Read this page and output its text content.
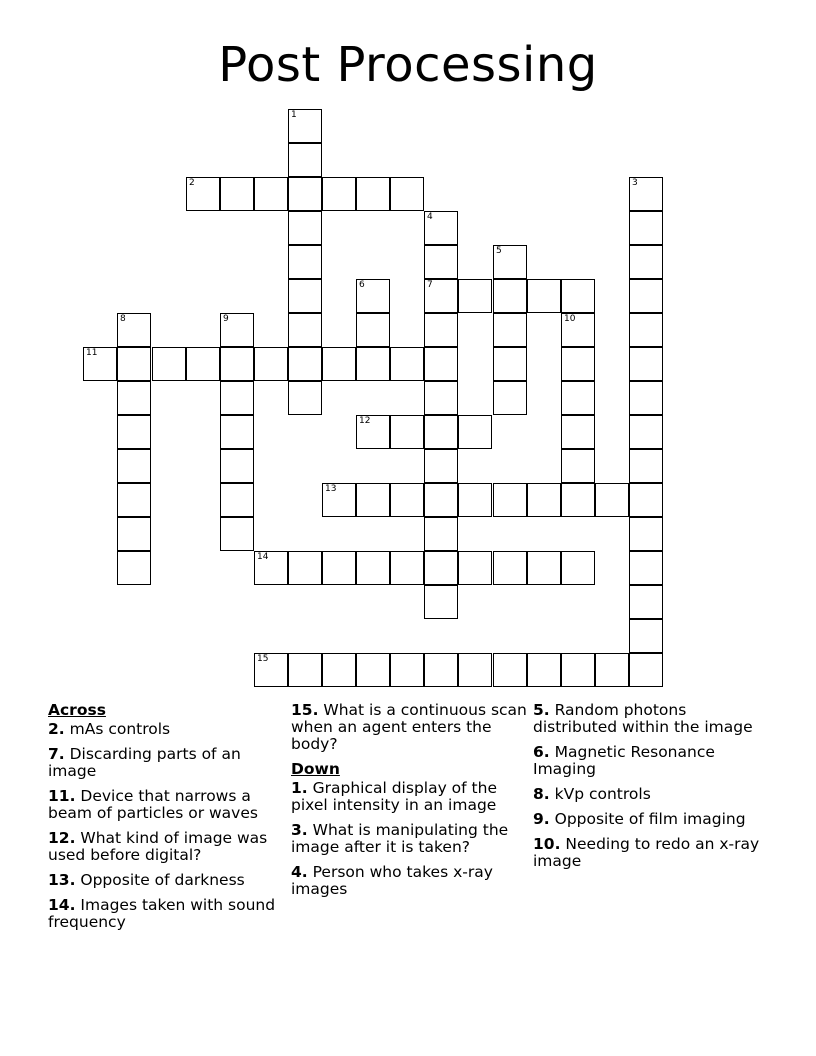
Post Processing
1
2	3
4
7
5
6
8	9	10
11
12
13
14
15
Across
2. mAs controls
7. Discarding parts of an image
11. Device that narrows a beam of particles or waves
12. What kind of image was used before digital?
13. Opposite of darkness
14. Images taken with sound frequency
15. What is a continuous scan when an agent enters the body?
Down
1. Graphical display of the pixel intensity in an image
3. What is manipulating the image after it is taken?
4. Person who takes x-ray images
5. Random photons distributed within the image
6. Magnetic Resonance Imaging
8. kVp controls
9. Opposite of film imaging
10. Needing to redo an x-ray image
